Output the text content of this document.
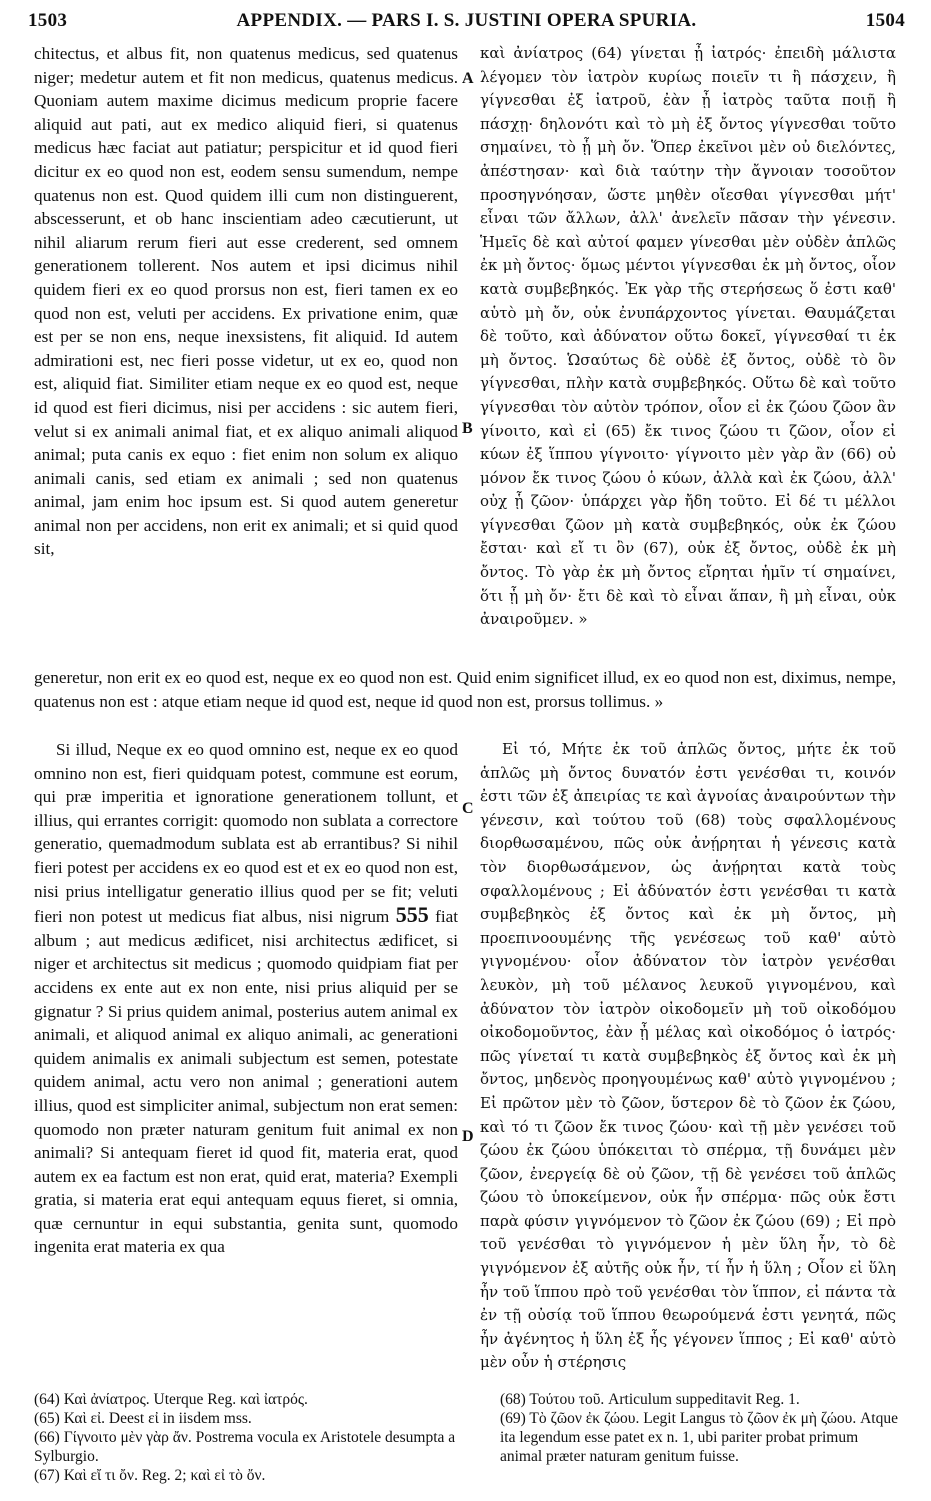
1503	APPENDIX. — PARS I. S. JUSTINI OPERA SPURIA.	1504

chitectus, et albus fit, non quatenus medicus, sed quatenus niger; medetur autem et fit non medicus, quatenus medicus. Quoniam autem maxime dicimus medicum proprie facere aliquid aut pati, aut ex medico aliquid fieri, si quatenus medicus hæc faciat aut patiatur; perspicitur et id quod fieri dicitur ex eo quod non est, eodem sensu sumendum, nempe quatenus non est. Quod quidem illi cum non distinguerent, abscesserunt, et ob hanc inscientiam adeo cæcutierunt, ut nihil aliarum rerum fieri aut esse crederent, sed omnem generationem tollerent. Nos autem et ipsi dicimus nihil quidem fieri ex eo quod prorsus non est, fieri tamen ex eo quod non est, veluti per accidens. Ex privatione enim, quæ est per se non ens, neque inexsistens, fit aliquid. Id autem admirationi est, nec fieri posse videtur, ut ex eo, quod non est, aliquid fiat. Similiter etiam neque ex eo quod est, neque id quod est fieri dicimus, nisi per accidens : sic autem fieri, velut si ex animali animal fiat, et ex aliquo animali aliquod animal; puta canis ex equo : fiet enim non solum ex aliquo animali canis, sed etiam ex animali ; sed non quatenus animal, jam enim hoc ipsum est. Si quod autem generetur animal non per accidens, non erit ex animali; et si quid quod sit,

καὶ ἀνίατρος (64) γίνεται ᾖ ἰατρός· ἐπειδὴ μάλιστα λέγομεν τὸν ἰατρὸν κυρίως ποιεῖν τι ἢ πάσχειν, ἢ γίγνεσθαι ἐξ ἰατροῦ, ἐὰν ᾖ ἰατρὸς ταῦτα ποιῇ ἢ πάσχῃ· δηλονότι καὶ τὸ μὴ ἐξ ὄντος γίγνεσθαι τοῦτο σημαίνει, τὸ ᾗ μὴ ὄν. Ὅπερ ἐκεῖνοι μὲν οὐ διελόντες, ἀπέστησαν· καὶ διὰ ταύτην τὴν ἄγνοιαν τοσοῦτον προσηγνόησαν, ὥστε μηθὲν οἴεσθαι γίγνεσθαι μήτ' εἶναι τῶν ἄλλων, ἀλλ' ἀνελεῖν πᾶσαν τὴν γένεσιν. Ἡμεῖς δὲ καὶ αὐτοί φαμεν γίνεσθαι μὲν οὐδὲν ἁπλῶς ἐκ μὴ ὄντος· ὅμως μέντοι γίγνεσθαι ἐκ μὴ ὄντος, οἷον κατὰ συμβεβηκός. Ἐκ γὰρ τῆς στερήσεως ὅ ἐστι καθ' αὑτὸ μὴ ὄν, οὐκ ἐνυπάρχοντος γίνεται. Θαυμάζεται δὲ τοῦτο, καὶ ἀδύνατον οὕτω δοκεῖ, γίγνεσθαί τι ἐκ μὴ ὄντος. Ὡσαύτως δὲ οὐδὲ ἐξ ὄντος, οὐδὲ τὸ ὂν γίγνεσθαι, πλὴν κατὰ συμβεβηκός. Οὕτω δὲ καὶ τοῦτο γίγνεσθαι τὸν αὐτὸν τρόπον, οἷον εἰ ἐκ ζώου ζῶον ἂν γίνοιτο, καὶ εἰ (65) ἔκ τινος ζώου τι ζῶον, οἷον εἰ κύων ἐξ ἵππου γίγνοιτο· γίγνοιτο μὲν γὰρ ἂν (66) οὐ μόνον ἔκ τινος ζώου ὁ κύων, ἀλλὰ καὶ ἐκ ζώου, ἀλλ' οὐχ ᾗ ζῶον· ὑπάρχει γὰρ ἤδη τοῦτο. Εἰ δέ τι μέλλοι γίγνεσθαι ζῶον μὴ κατὰ συμβεβηκός, οὐκ ἐκ ζώου ἔσται· καὶ εἴ τι ὂν (67), οὐκ ἐξ ὄντος, οὐδὲ ἐκ μὴ ὄντος. Τὸ γὰρ ἐκ μὴ ὄντος εἴρηται ἡμῖν τί σημαίνει, ὅτι ᾗ μὴ ὄν· ἔτι δὲ καὶ τὸ εἶναι ἅπαν, ἢ μὴ εἶναι, οὐκ ἀναιροῦμεν. »

A
B
C
D

generetur, non erit ex eo quod est, neque ex eo quod non est. Quid enim significet illud, ex eo quod non est, diximus, nempe, quatenus non est : atque etiam neque id quod est, neque id quod non est, prorsus tollimus. »

Si illud, Neque ex eo quod omnino est, neque ex eo quod omnino non est, fieri quidquam potest, commune est eorum, qui præ imperitia et ignoratione generationem tollunt, et illius, qui errantes corrigit: quomodo non sublata a correctore generatio, quemadmodum sublata est ab errantibus? Si nihil fieri potest per accidens ex eo quod est et ex eo quod non est, nisi prius intelligatur generatio illius quod per se fit; veluti fieri non potest ut medicus fiat albus, nisi nigrum 555 fiat album ; aut medicus ædificet, nisi architectus ædificet, si niger et architectus sit medicus ; quomodo quidpiam fiat per accidens ex ente aut ex non ente, nisi prius aliquid per se gignatur ? Si prius quidem animal, posterius autem animal ex animali, et aliquod animal ex aliquo animali, ac generationi quidem animalis ex animali subjectum est semen, potestate quidem animal, actu vero non animal ; generationi autem illius, quod est simpliciter animal, subjectum non erat semen: quomodo non præter naturam genitum fuit animal ex non animali? Si antequam fieret id quod fit, materia erat, quod autem ex ea factum est non erat, quid erat, materia? Exempli gratia, si materia erat equi antequam equus fieret, si omnia, quæ cernuntur in equi substantia, genita sunt, quomodo ingenita erat materia ex qua

Εἰ τό, Μήτε ἐκ τοῦ ἁπλῶς ὄντος, μήτε ἐκ τοῦ ἁπλῶς μὴ ὄντος δυνατόν ἐστι γενέσθαι τι, κοινόν ἐστι τῶν ἐξ ἀπειρίας τε καὶ ἀγνοίας ἀναιρούντων τὴν γένεσιν, καὶ τούτου τοῦ (68) τοὺς σφαλλομένους διορθωσαμένου, πῶς οὐκ ἀνῄρηται ἡ γένεσις κατὰ τὸν διορθωσάμενον, ὡς ἀνῄρηται κατὰ τοὺς σφαλλομένους ; Εἰ ἀδύνατόν ἐστι γενέσθαι τι κατὰ συμβεβηκὸς ἐξ ὄντος καὶ ἐκ μὴ ὄντος, μὴ προεπινοουμένης τῆς γενέσεως τοῦ καθ' αὑτὸ γιγνομένου· οἷον ἀδύνατον τὸν ἰατρὸν γενέσθαι λευκὸν, μὴ τοῦ μέλανος λευκοῦ γιγνομένου, καὶ ἀδύνατον τὸν ἰατρὸν οἰκοδομεῖν μὴ τοῦ οἰκοδόμου οἰκοδομοῦντος, ἐὰν ᾖ μέλας καὶ οἰκοδόμος ὁ ἰατρός· πῶς γίνεταί τι κατὰ συμβεβηκὸς ἐξ ὄντος καὶ ἐκ μὴ ὄντος, μηδενὸς προηγουμένως καθ' αὑτὸ γιγνομένου ; Εἰ πρῶτον μὲν τὸ ζῶον, ὕστερον δὲ τὸ ζῶον ἐκ ζώου, καὶ τό τι ζῶον ἔκ τινος ζώου· καὶ τῇ μὲν γενέσει τοῦ ζώου ἐκ ζώου ὑπόκειται τὸ σπέρμα, τῇ δυνάμει μὲν ζῶον, ἐνεργείᾳ δὲ οὐ ζῶον, τῇ δὲ γενέσει τοῦ ἁπλῶς ζώου τὸ ὑποκείμενον, οὐκ ἦν σπέρμα· πῶς οὐκ ἔστι παρὰ φύσιν γιγνόμενον τὸ ζῶον ἐκ ζώου (69) ; Εἰ πρὸ τοῦ γενέσθαι τὸ γιγνόμενον ἡ μὲν ὕλη ἦν, τὸ δὲ γιγνόμενον ἐξ αὐτῆς οὐκ ἦν, τί ἦν ἡ ὕλη ; Οἷον εἰ ὕλη ἦν τοῦ ἵππου πρὸ τοῦ γενέσθαι τὸν ἵππον, εἰ πάντα τὰ ἐν τῇ οὐσίᾳ τοῦ ἵππου θεωρούμενά ἐστι γενητά, πῶς ἦν ἀγένητος ἡ ὕλη ἐξ ἧς γέγονεν ἵππος ; Εἰ καθ' αὑτὸ μὲν οὖν ἡ στέρησις

(64) Καὶ ἀνίατρος. Uterque Reg. καὶ ἰατρός.
(65) Καὶ εἰ. Deest εἰ in iisdem mss.
(66) Γίγνοιτο μὲν γὰρ ἄν. Postrema vocula ex Aristotele desumpta a Sylburgio.
(67) Καὶ εἴ τι ὄν. Reg. 2; καὶ εἰ τὸ ὄν.
(68) Τούτου τοῦ. Articulum suppeditavit Reg. 1.
(69) Τὸ ζῶον ἐκ ζώου. Legit Langus τὸ ζῶον ἐκ μὴ ζώου. Atque ita legendum esse patet ex n. 1, ubi pariter probat primum animal præter naturam genitum fuisse.
